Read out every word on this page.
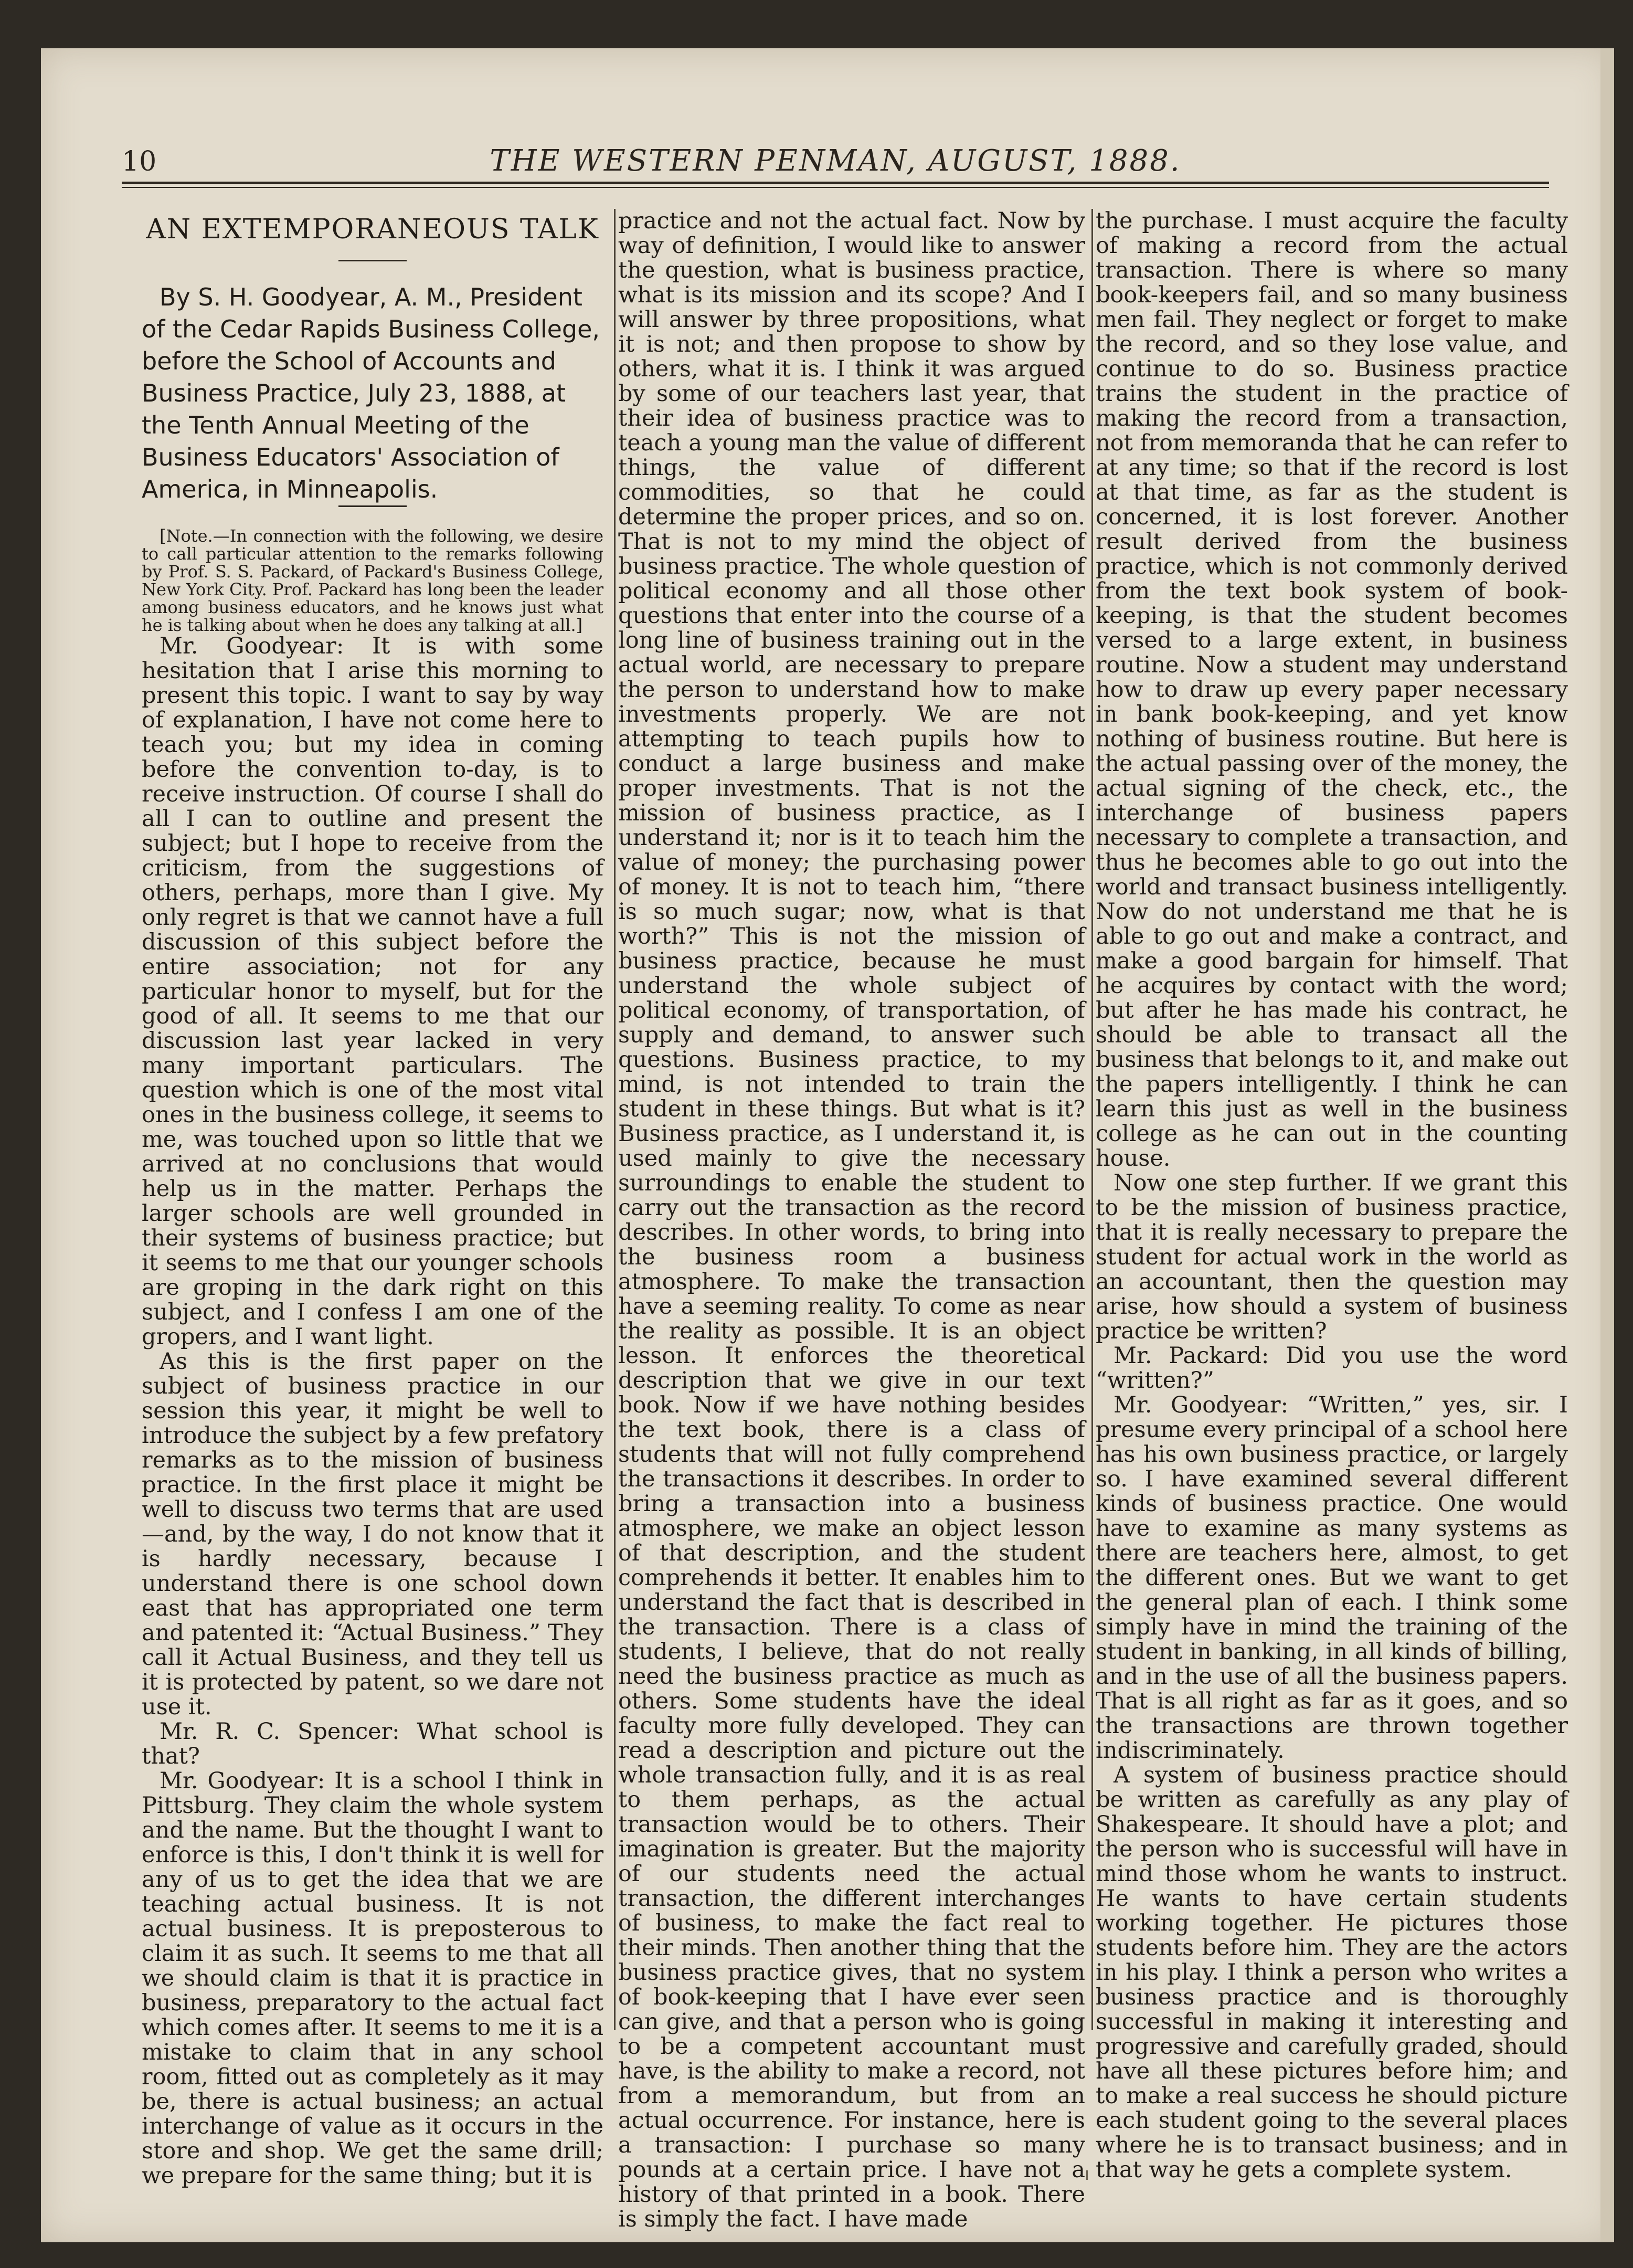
10	THE WESTERN PENMAN, AUGUST, 1888.
AN EXTEMPORANEOUS TALK

By S. H. Goodyear, A. M., President of the Cedar Rapids Business College, before the School of Accounts and Business Practice, July 23, 1888, at the Tenth Annual Meeting of the Business Educators' Association of America, in Minneapolis.

[Note.—In connection with the following, we desire to call particular attention to the remarks following by Prof. S. S. Packard, of Packard's Business College, New York City. Prof. Packard has long been the leader among business educators, and he knows just what he is talking about when he does any talking at all.]

Mr. Goodyear: It is with some hesitation that I arise this morning to present this topic. I want to say by way of explanation, I have not come here to teach you; but my idea in coming before the convention to-day, is to receive instruction. Of course I shall do all I can to outline and present the subject; but I hope to receive from the criticism, from the suggestions of others, perhaps, more than I give. My only regret is that we cannot have a full discussion of this subject before the entire association; not for any particular honor to myself, but for the good of all. It seems to me that our discussion last year lacked in very many important particulars. The question which is one of the most vital ones in the business college, it seems to me, was touched upon so little that we arrived at no conclusions that would help us in the matter. Perhaps the larger schools are well grounded in their systems of business practice; but it seems to me that our younger schools are groping in the dark right on this subject, and I confess I am one of the gropers, and I want light.

As this is the first paper on the subject of business practice in our session this year, it might be well to introduce the subject by a few prefatory remarks as to the mission of business practice. In the first place it might be well to discuss two terms that are used—and, by the way, I do not know that it is hardly necessary, because I understand there is one school down east that has appropriated one term and patented it: “Actual Business.” They call it Actual Business, and they tell us it is protected by patent, so we dare not use it.

Mr. R. C. Spencer: What school is that?

Mr. Goodyear: It is a school I think in Pittsburg. They claim the whole system and the name. But the thought I want to enforce is this, I don't think it is well for any of us to get the idea that we are teaching actual business. It is not actual business. It is preposterous to claim it as such. It seems to me that all we should claim is that it is practice in business, preparatory to the actual fact which comes after. It seems to me it is a mistake to claim that in any school room, fitted out as completely as it may be, there is actual business; an actual interchange of value as it occurs in the store and shop. We get the same drill; we prepare for the same thing; but it is

practice and not the actual fact. Now by way of definition, I would like to answer the question, what is business practice, what is its mission and its scope? And I will answer by three propositions, what it is not; and then propose to show by others, what it is. I think it was argued by some of our teachers last year, that their idea of business practice was to teach a young man the value of different things, the value of different commodities, so that he could determine the proper prices, and so on. That is not to my mind the object of business practice. The whole question of political economy and all those other questions that enter into the course of a long line of business training out in the actual world, are necessary to prepare the person to understand how to make investments properly. We are not attempting to teach pupils how to conduct a large business and make proper investments. That is not the mission of business practice, as I understand it; nor is it to teach him the value of money; the purchasing power of money. It is not to teach him, “there is so much sugar; now, what is that worth?” This is not the mission of business practice, because he must understand the whole subject of political economy, of transportation, of supply and demand, to answer such questions. Business practice, to my mind, is not intended to train the student in these things. But what is it? Business practice, as I understand it, is used mainly to give the necessary surroundings to enable the student to carry out the transaction as the record describes. In other words, to bring into the business room a business atmosphere. To make the transaction have a seeming reality. To come as near the reality as possible. It is an object lesson. It enforces the theoretical description that we give in our text book. Now if we have nothing besides the text book, there is a class of students that will not fully comprehend the transactions it describes. In order to bring a transaction into a business atmosphere, we make an object lesson of that description, and the student comprehends it better. It enables him to understand the fact that is described in the transaction. There is a class of students, I believe, that do not really need the business practice as much as others. Some students have the ideal faculty more fully developed. They can read a description and picture out the whole transaction fully, and it is as real to them perhaps, as the actual transaction would be to others. Their imagination is greater. But the majority of our students need the actual transaction, the different interchanges of business, to make the fact real to their minds. Then another thing that the business practice gives, that no system of book-keeping that I have ever seen can give, and that a person who is going to be a competent accountant must have, is the ability to make a record, not from a memorandum, but from an actual occurrence. For instance, here is a transaction: I purchase so many pounds at a certain price. I have not a history of that printed in a book. There is simply the fact. I have made

the purchase. I must acquire the faculty of making a record from the actual transaction. There is where so many book-keepers fail, and so many business men fail. They neglect or forget to make the record, and so they lose value, and continue to do so. Business practice trains the student in the practice of making the record from a transaction, not from memoranda that he can refer to at any time; so that if the record is lost at that time, as far as the student is concerned, it is lost forever. Another result derived from the business practice, which is not commonly derived from the text book system of book-keeping, is that the student becomes versed to a large extent, in business routine. Now a student may understand how to draw up every paper necessary in bank book-keeping, and yet know nothing of business routine. But here is the actual passing over of the money, the actual signing of the check, etc., the interchange of business papers necessary to complete a transaction, and thus he becomes able to go out into the world and transact business intelligently. Now do not understand me that he is able to go out and make a contract, and make a good bargain for himself. That he acquires by contact with the word; but after he has made his contract, he should be able to transact all the business that belongs to it, and make out the papers intelligently. I think he can learn this just as well in the business college as he can out in the counting house.

Now one step further. If we grant this to be the mission of business practice, that it is really necessary to prepare the student for actual work in the world as an accountant, then the question may arise, how should a system of business practice be written?

Mr. Packard: Did you use the word “written?”

Mr. Goodyear: “Written,” yes, sir. I presume every principal of a school here has his own business practice, or largely so. I have examined several different kinds of business practice. One would have to examine as many systems as there are teachers here, almost, to get the different ones. But we want to get the general plan of each. I think some simply have in mind the training of the student in banking, in all kinds of billing, and in the use of all the business papers. That is all right as far as it goes, and so the transactions are thrown together indiscriminately.

A system of business practice should be written as carefully as any play of Shakespeare. It should have a plot; and the person who is successful will have in mind those whom he wants to instruct. He wants to have certain students working together. He pictures those students before him. They are the actors in his play. I think a person who writes a business practice and is thoroughly successful in making it interesting and progressive and carefully graded, should have all these pictures before him; and to make a real success he should picture each student going to the several places where he is to transact business; and in that way he gets a complete system.
